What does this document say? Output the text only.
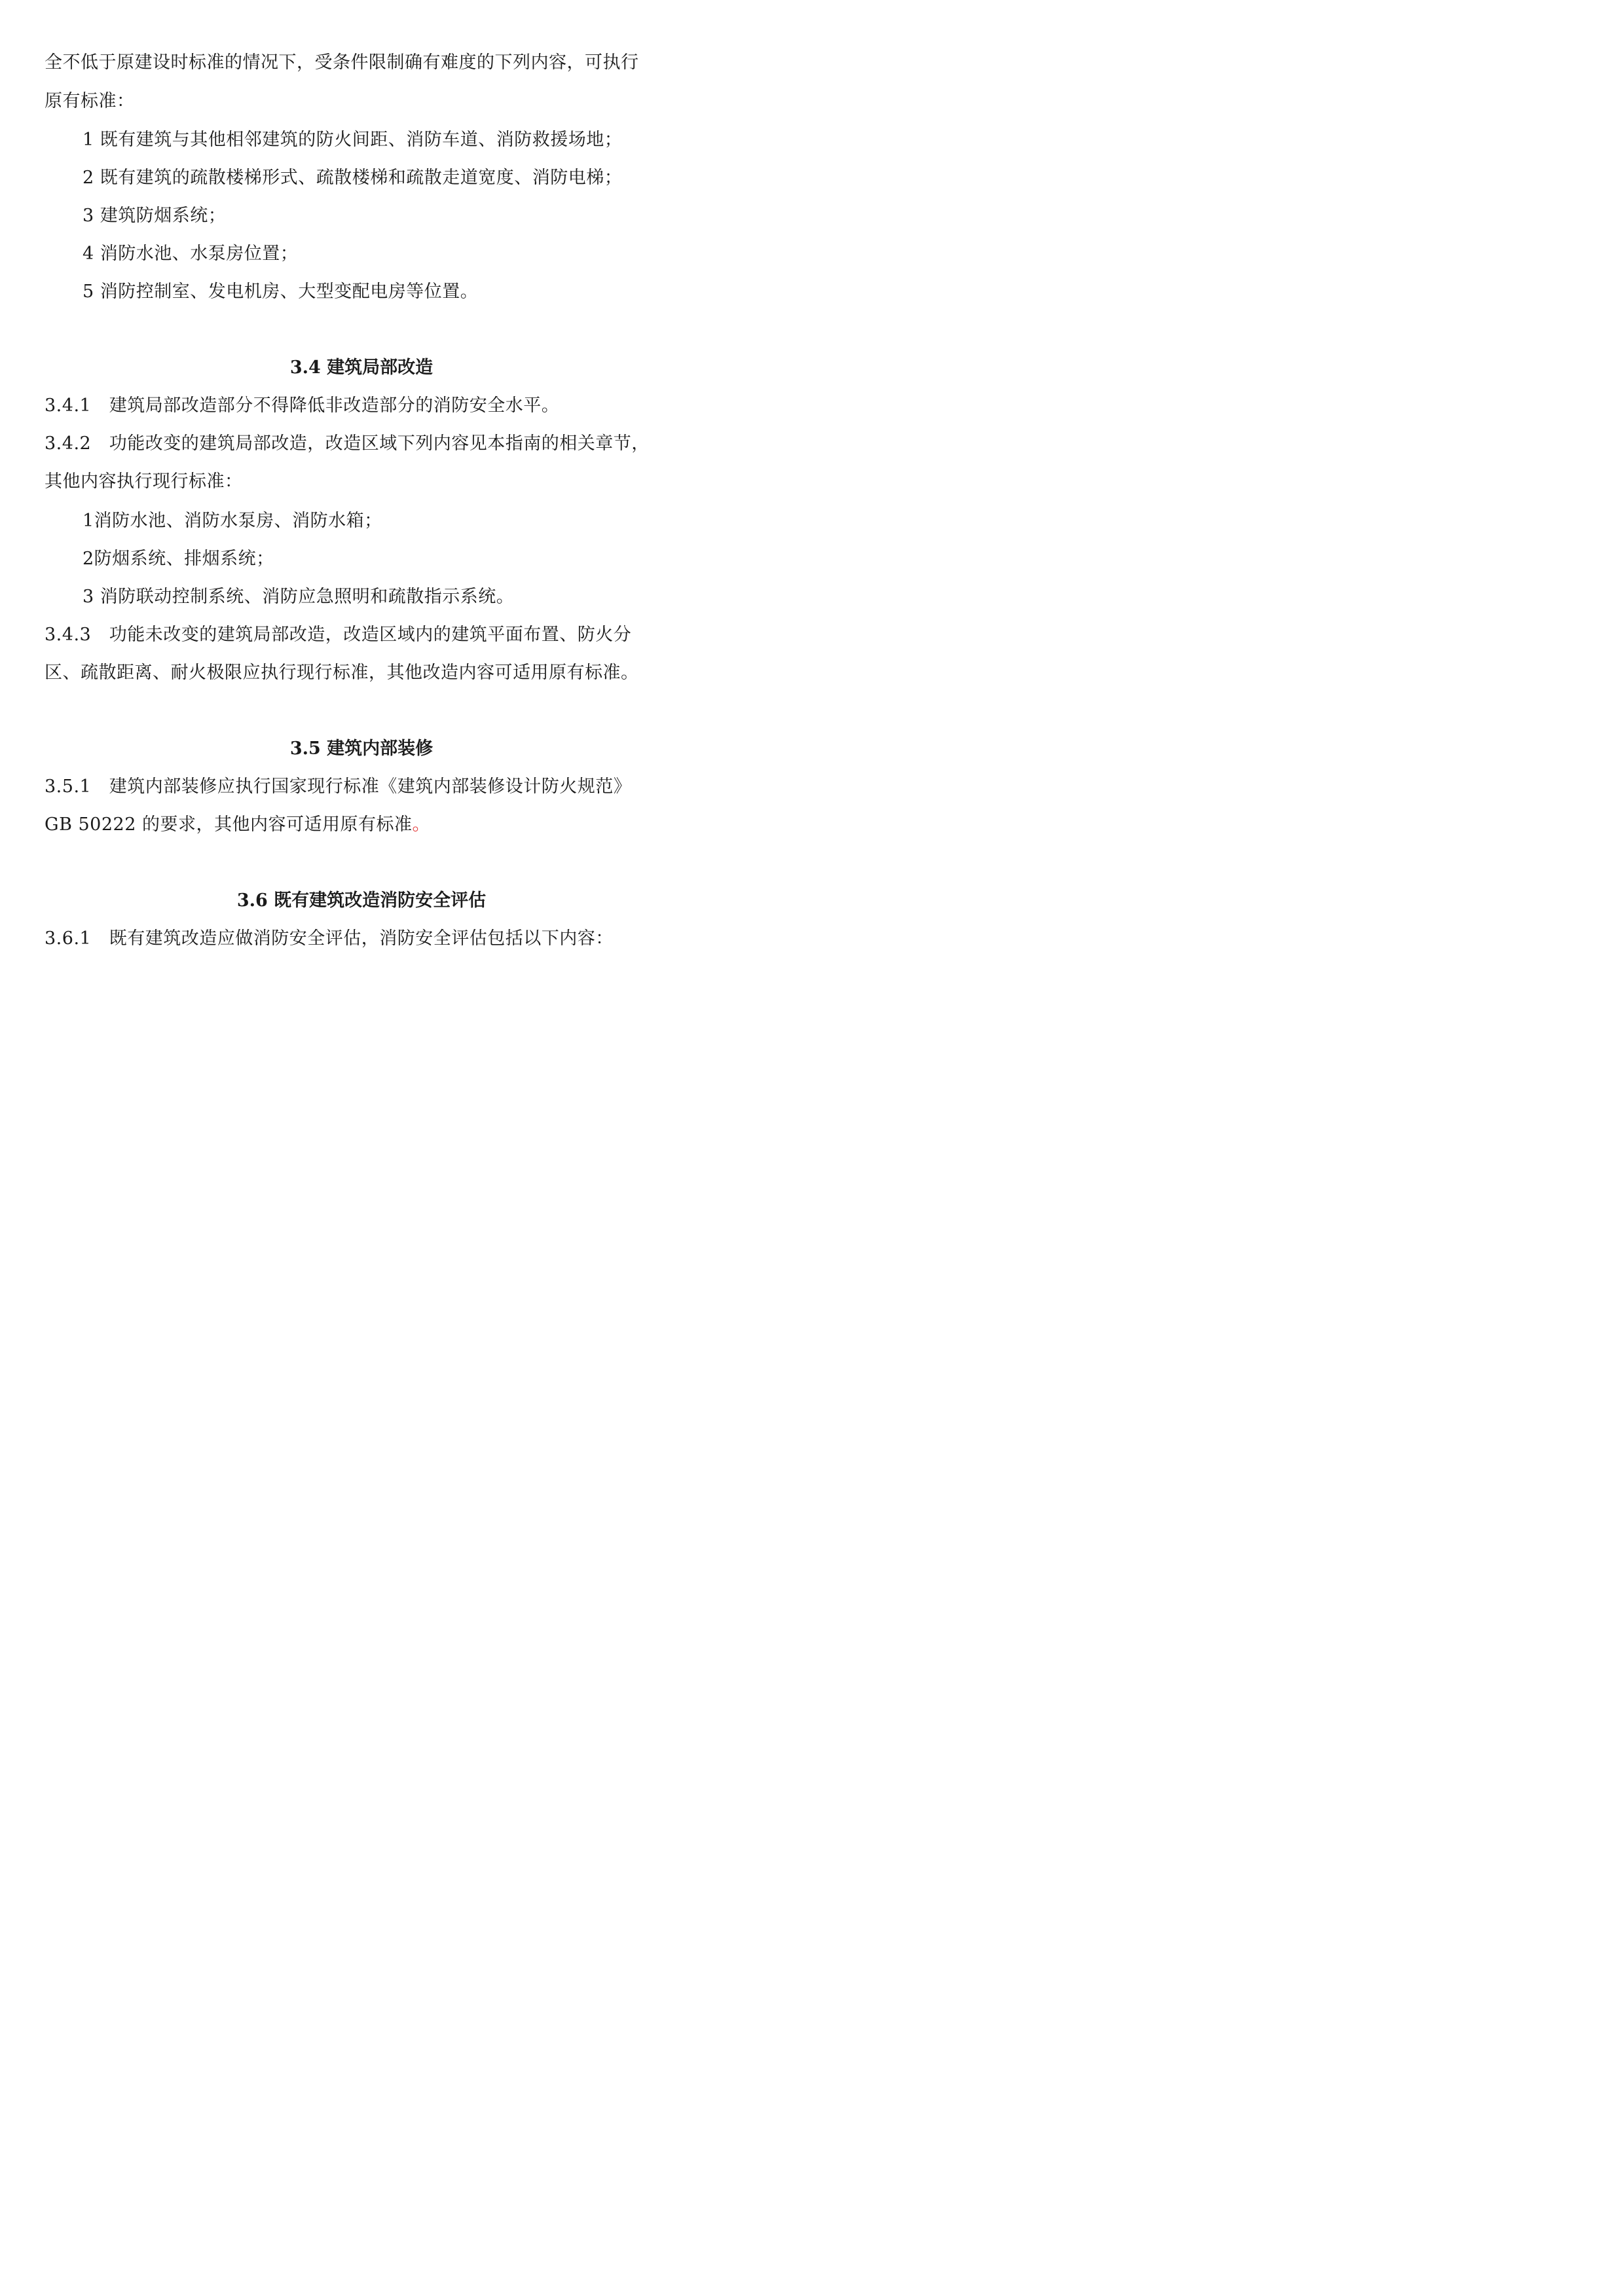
全不低于原建设时标准的情况下，受条件限制确有难度的下列内容，可执行
原有标准：
1 既有建筑与其他相邻建筑的防火间距、消防车道、消防救援场地；
2 既有建筑的疏散楼梯形式、疏散楼梯和疏散走道宽度、消防电梯；
3 建筑防烟系统；
4 消防水池、水泵房位置；
5 消防控制室、发电机房、大型变配电房等位置。
3.4 建筑局部改造
3.4.1　建筑局部改造部分不得降低非改造部分的消防安全水平。
3.4.2　功能改变的建筑局部改造，改造区域下列内容见本指南的相关章节，
其他内容执行现行标准：
1消防水池、消防水泵房、消防水箱；
2防烟系统、排烟系统；
3 消防联动控制系统、消防应急照明和疏散指示系统。
3.4.3　功能未改变的建筑局部改造，改造区域内的建筑平面布置、防火分
区、疏散距离、耐火极限应执行现行标准，其他改造内容可适用原有标准。
3.5 建筑内部装修
3.5.1　建筑内部装修应执行国家现行标准《建筑内部装修设计防火规范》
GB 50222 的要求，其他内容可适用原有标准。
3.6 既有建筑改造消防安全评估
3.6.1　既有建筑改造应做消防安全评估，消防安全评估包括以下内容：
